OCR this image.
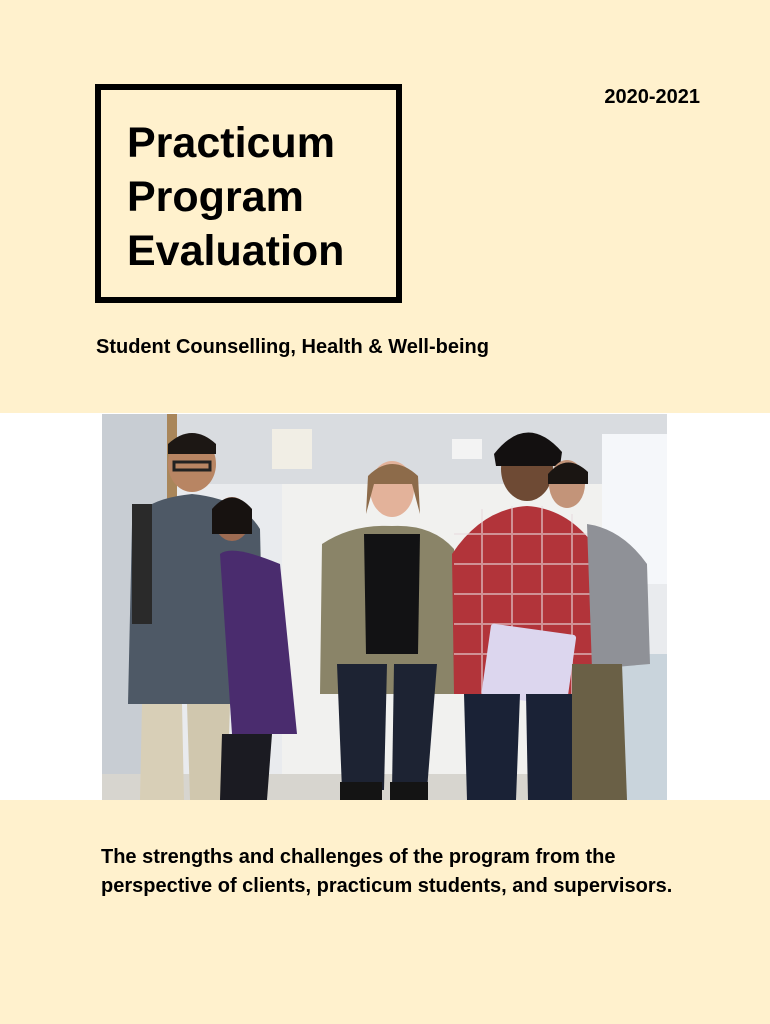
Practicum
Program
Evaluation
2020-2021
Student Counselling, Health & Well-being
The strengths and challenges of the program from the perspective of clients, practicum students, and supervisors.
